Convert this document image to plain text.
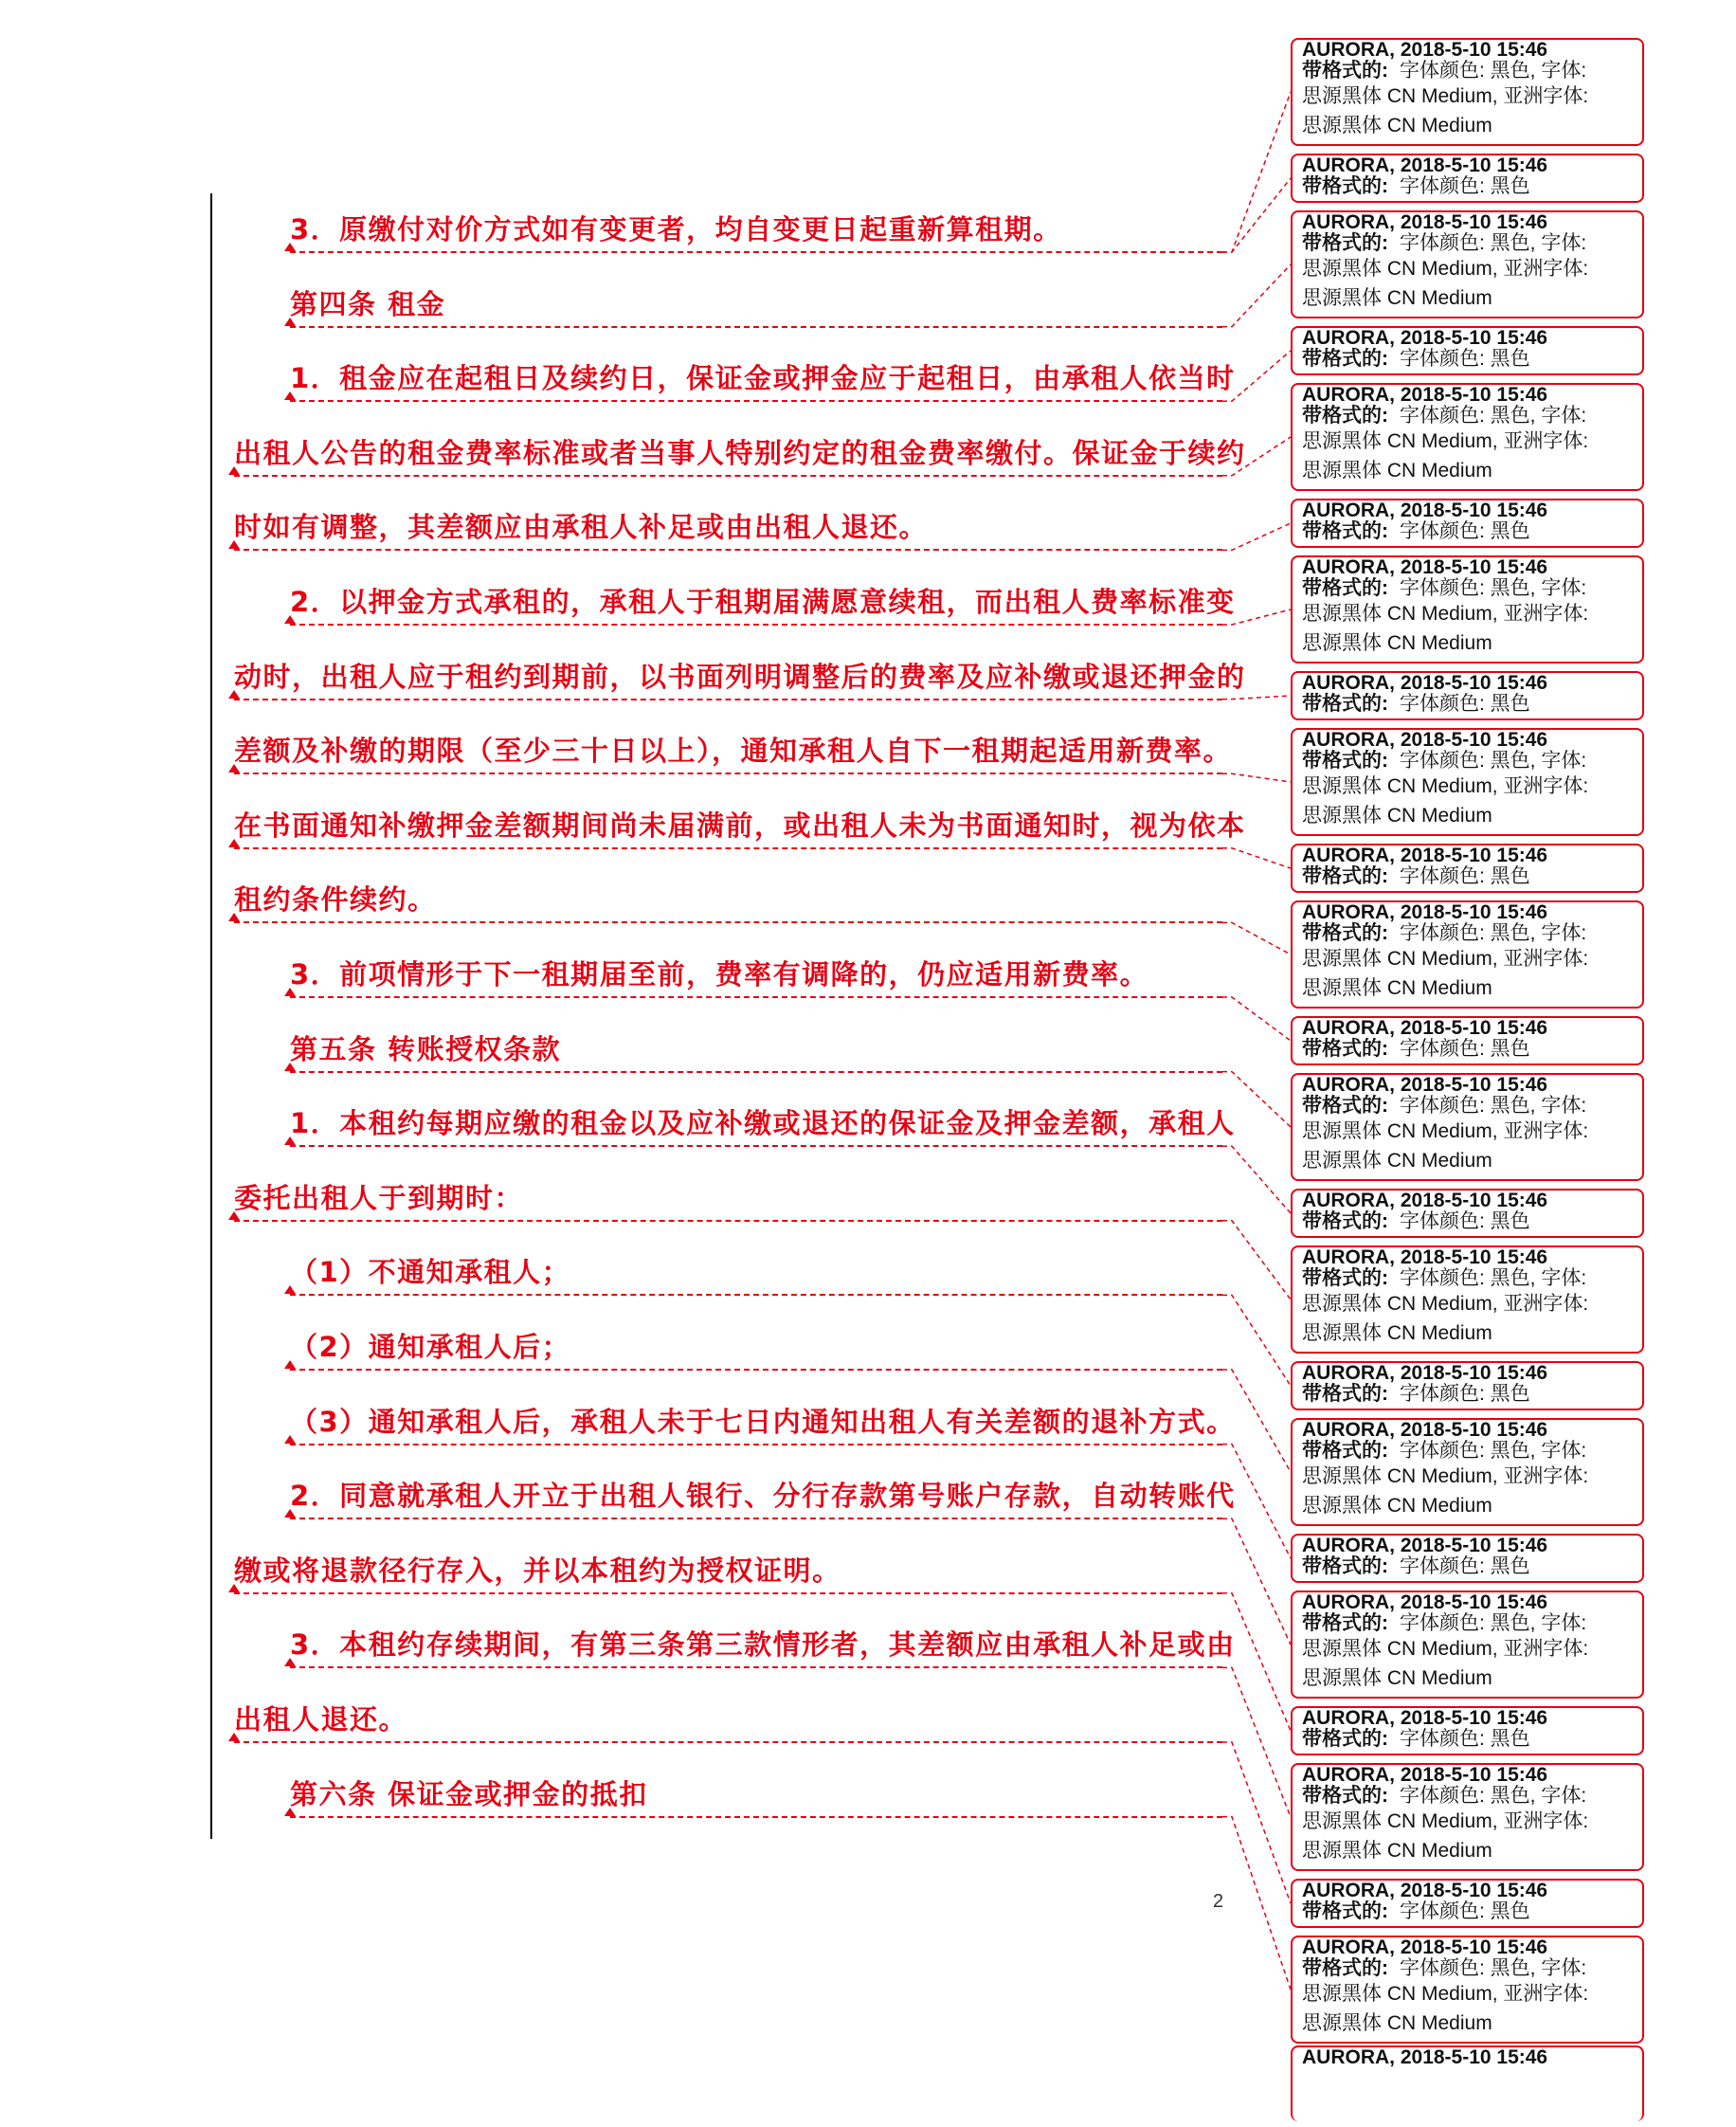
3．原缴付对价方式如有变更者，均自变更日起重新算租期。
第四条 租金
1．租金应在起租日及续约日，保证金或押金应于起租日，由承租人依当时
出租人公告的租金费率标准或者当事人特别约定的租金费率缴付。保证金于续约
时如有调整，其差额应由承租人补足或由出租人退还。
2．以押金方式承租的，承租人于租期届满愿意续租，而出租人费率标准变
动时，出租人应于租约到期前，以书面列明调整后的费率及应补缴或退还押金的
差额及补缴的期限（至少三十日以上），通知承租人自下一租期起适用新费率。
在书面通知补缴押金差额期间尚未届满前，或出租人未为书面通知时，视为依本
租约条件续约。
3．前项情形于下一租期届至前，费率有调降的，仍应适用新费率。
第五条 转账授权条款
1．本租约每期应缴的租金以及应补缴或退还的保证金及押金差额，承租人
委托出租人于到期时：
（1）不通知承租人；
（2）通知承租人后；
（3）通知承租人后，承租人未于七日内通知出租人有关差额的退补方式。
2．同意就承租人开立于出租人银行、分行存款第号账户存款，自动转账代
缴或将退款径行存入，并以本租约为授权证明。
3．本租约存续期间，有第三条第三款情形者，其差额应由承租人补足或由
出租人退还。
第六条 保证金或押金的抵扣
AURORA, 2018-5-10 15:46
带格式的: 字体颜色: 黑色, 字体:
思源黑体 CN Medium, 亚洲字体:
思源黑体 CN Medium
AURORA, 2018-5-10 15:46
带格式的: 字体颜色: 黑色
AURORA, 2018-5-10 15:46
带格式的: 字体颜色: 黑色, 字体:
思源黑体 CN Medium, 亚洲字体:
思源黑体 CN Medium
AURORA, 2018-5-10 15:46
带格式的: 字体颜色: 黑色
AURORA, 2018-5-10 15:46
带格式的: 字体颜色: 黑色, 字体:
思源黑体 CN Medium, 亚洲字体:
思源黑体 CN Medium
AURORA, 2018-5-10 15:46
带格式的: 字体颜色: 黑色
AURORA, 2018-5-10 15:46
带格式的: 字体颜色: 黑色, 字体:
思源黑体 CN Medium, 亚洲字体:
思源黑体 CN Medium
AURORA, 2018-5-10 15:46
带格式的: 字体颜色: 黑色
AURORA, 2018-5-10 15:46
带格式的: 字体颜色: 黑色, 字体:
思源黑体 CN Medium, 亚洲字体:
思源黑体 CN Medium
AURORA, 2018-5-10 15:46
带格式的: 字体颜色: 黑色
AURORA, 2018-5-10 15:46
带格式的: 字体颜色: 黑色, 字体:
思源黑体 CN Medium, 亚洲字体:
思源黑体 CN Medium
AURORA, 2018-5-10 15:46
带格式的: 字体颜色: 黑色
AURORA, 2018-5-10 15:46
带格式的: 字体颜色: 黑色, 字体:
思源黑体 CN Medium, 亚洲字体:
思源黑体 CN Medium
AURORA, 2018-5-10 15:46
带格式的: 字体颜色: 黑色
AURORA, 2018-5-10 15:46
带格式的: 字体颜色: 黑色, 字体:
思源黑体 CN Medium, 亚洲字体:
思源黑体 CN Medium
AURORA, 2018-5-10 15:46
带格式的: 字体颜色: 黑色
AURORA, 2018-5-10 15:46
带格式的: 字体颜色: 黑色, 字体:
思源黑体 CN Medium, 亚洲字体:
思源黑体 CN Medium
AURORA, 2018-5-10 15:46
带格式的: 字体颜色: 黑色
AURORA, 2018-5-10 15:46
带格式的: 字体颜色: 黑色, 字体:
思源黑体 CN Medium, 亚洲字体:
思源黑体 CN Medium
AURORA, 2018-5-10 15:46
带格式的: 字体颜色: 黑色
AURORA, 2018-5-10 15:46
带格式的: 字体颜色: 黑色, 字体:
思源黑体 CN Medium, 亚洲字体:
思源黑体 CN Medium
AURORA, 2018-5-10 15:46
带格式的: 字体颜色: 黑色
AURORA, 2018-5-10 15:46
带格式的: 字体颜色: 黑色, 字体:
思源黑体 CN Medium, 亚洲字体:
思源黑体 CN Medium
AURORA, 2018-5-10 15:46
2
